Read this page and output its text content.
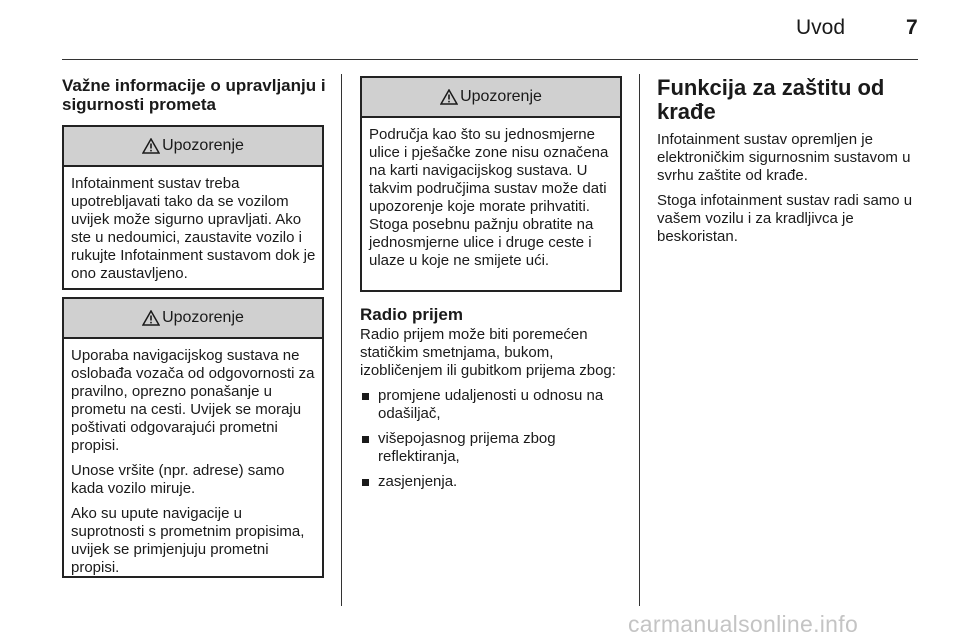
Uvod	7
Važne informacije o upravljanju i sigurnosti prometa
Upozorenje

Infotainment sustav treba upotrebljavati tako da se vozilom uvijek može sigurno upravljati. Ako ste u nedoumici, zaustavite vozilo i rukujte Infotainment sustavom dok je ono zaustavljeno.

Upozorenje

Uporaba navigacijskog sustava ne oslobađa vozača od odgovornosti za pravilno, oprezno ponašanje u prometu na cesti. Uvijek se moraju poštivati odgovarajući prometni propisi.

Unose vršite (npr. adrese) samo kada vozilo miruje.

Ako su upute navigacije u suprotnosti s prometnim propisima, uvijek se primjenjuju prometni propisi.

Upozorenje

Područja kao što su jednosmjerne ulice i pješačke zone nisu označena na karti navigacijskog sustava. U takvim područjima sustav može dati upozorenje koje morate prihvatiti. Stoga posebnu pažnju obratite na jednosmjerne ulice i druge ceste i ulaze u koje ne smijete ući.

Radio prijem

Radio prijem može biti poremećen statičkim smetnjama, bukom, izobličenjem ili gubitkom prijema zbog:

promjene udaljenosti u odnosu na odašiljač,
višepojasnog prijema zbog reflektiranja,
zasjenjenja.
Funkcija za zaštitu od krađe

Infotainment sustav opremljen je elektroničkim sigurnosnim sustavom u svrhu zaštite od krađe.

Stoga infotainment sustav radi samo u vašem vozilu i za kradljivca je beskoristan.

carmanualsonline.info
